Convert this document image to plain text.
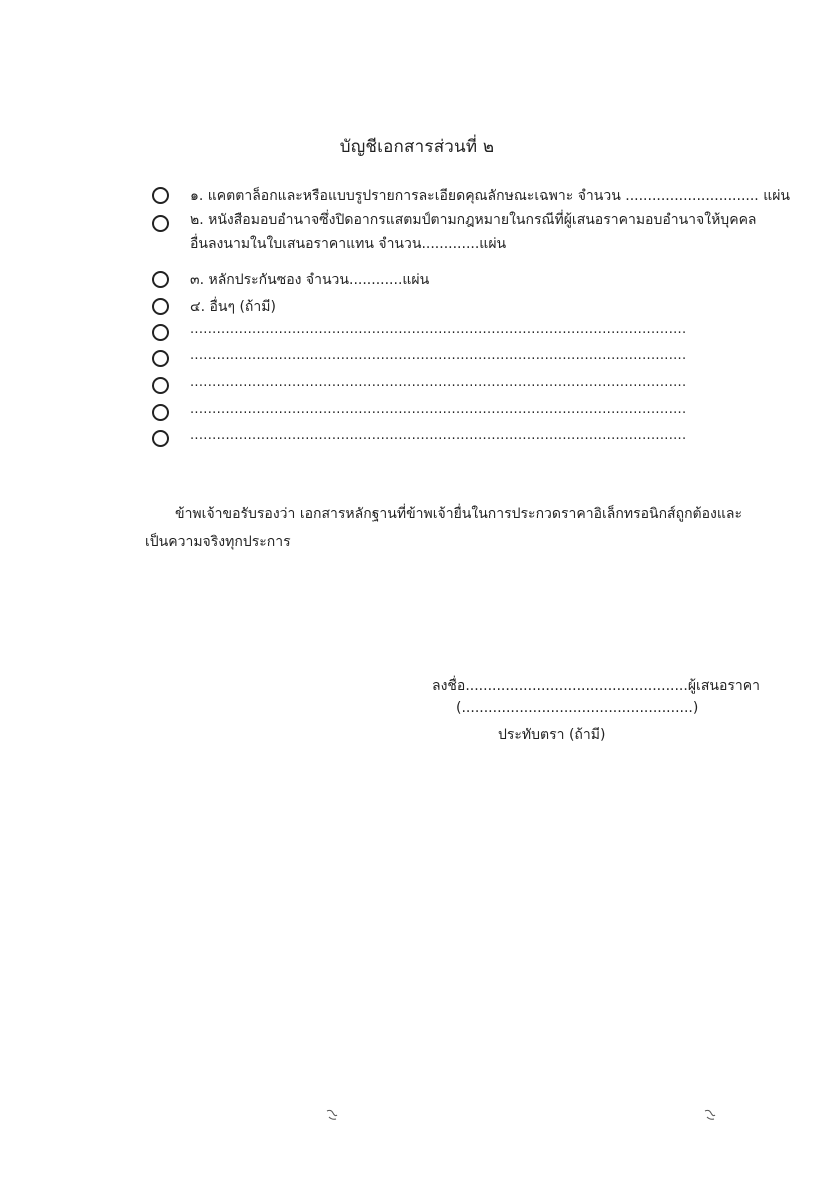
บัญชีเอกสารส่วนที่ ๒
๑. แคตตาล็อกและหรือแบบรูปรายการละเอียดคุณลักษณะเฉพาะ จำนวน .............................. แผ่น
๒. หนังสือมอบอำนาจซึ่งปิดอากรแสตมป์ตามกฎหมายในกรณีที่ผู้เสนอราคามอบอำนาจให้บุคคลอื่นลงนามในใบเสนอราคาแทน จำนวน.............แผ่น
๓. หลักประกันซอง จำนวน............แผ่น
๔. อื่นๆ (ถ้ามี)
................................................................................................................
................................................................................................................
................................................................................................................
................................................................................................................
................................................................................................................
ข้าพเจ้าขอรับรองว่า เอกสารหลักฐานที่ข้าพเจ้ายื่นในการประกวดราคาอิเล็กทรอนิกส์ถูกต้องและเป็นความจริงทุกประการ
ลงชื่อ..................................................ผู้เสนอราคา
(....................................................)
ประทับตรา (ถ้ามี)
